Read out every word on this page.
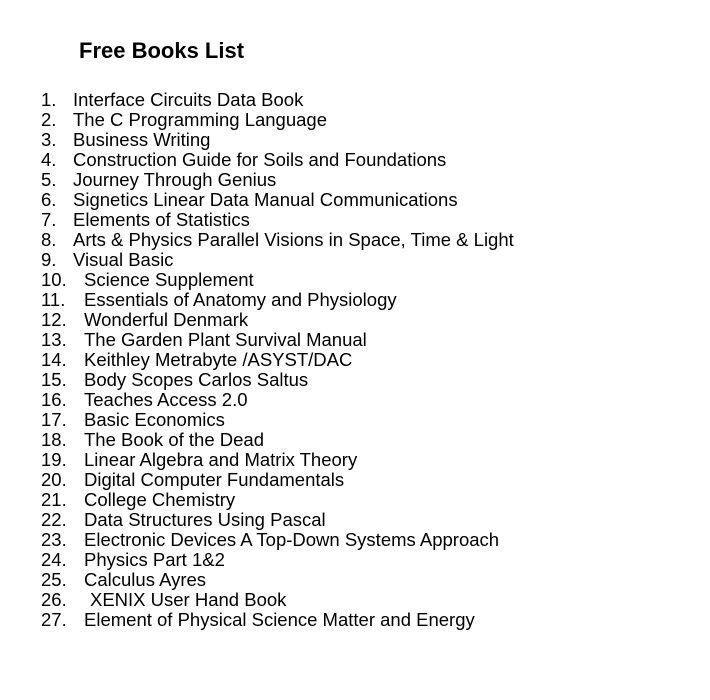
Free Books List
1. Interface Circuits Data Book
2. The C Programming Language
3. Business Writing
4. Construction Guide for Soils and Foundations
5. Journey Through Genius
6. Signetics Linear Data Manual Communications
7. Elements of Statistics
8. Arts & Physics Parallel Visions in Space, Time & Light
9. Visual Basic
10. Science Supplement
11. Essentials of Anatomy and Physiology
12. Wonderful Denmark
13. The Garden Plant Survival Manual
14. Keithley Metrabyte /ASYST/DAC
15. Body Scopes Carlos Saltus
16. Teaches Access 2.0
17. Basic Economics
18. The Book of the Dead
19. Linear Algebra and Matrix Theory
20. Digital Computer Fundamentals
21. College Chemistry
22. Data Structures Using Pascal
23. Electronic Devices A Top-Down Systems Approach
24. Physics Part 1&2
25. Calculus Ayres
26. XENIX User Hand Book
27. Element of Physical Science Matter and Energy
